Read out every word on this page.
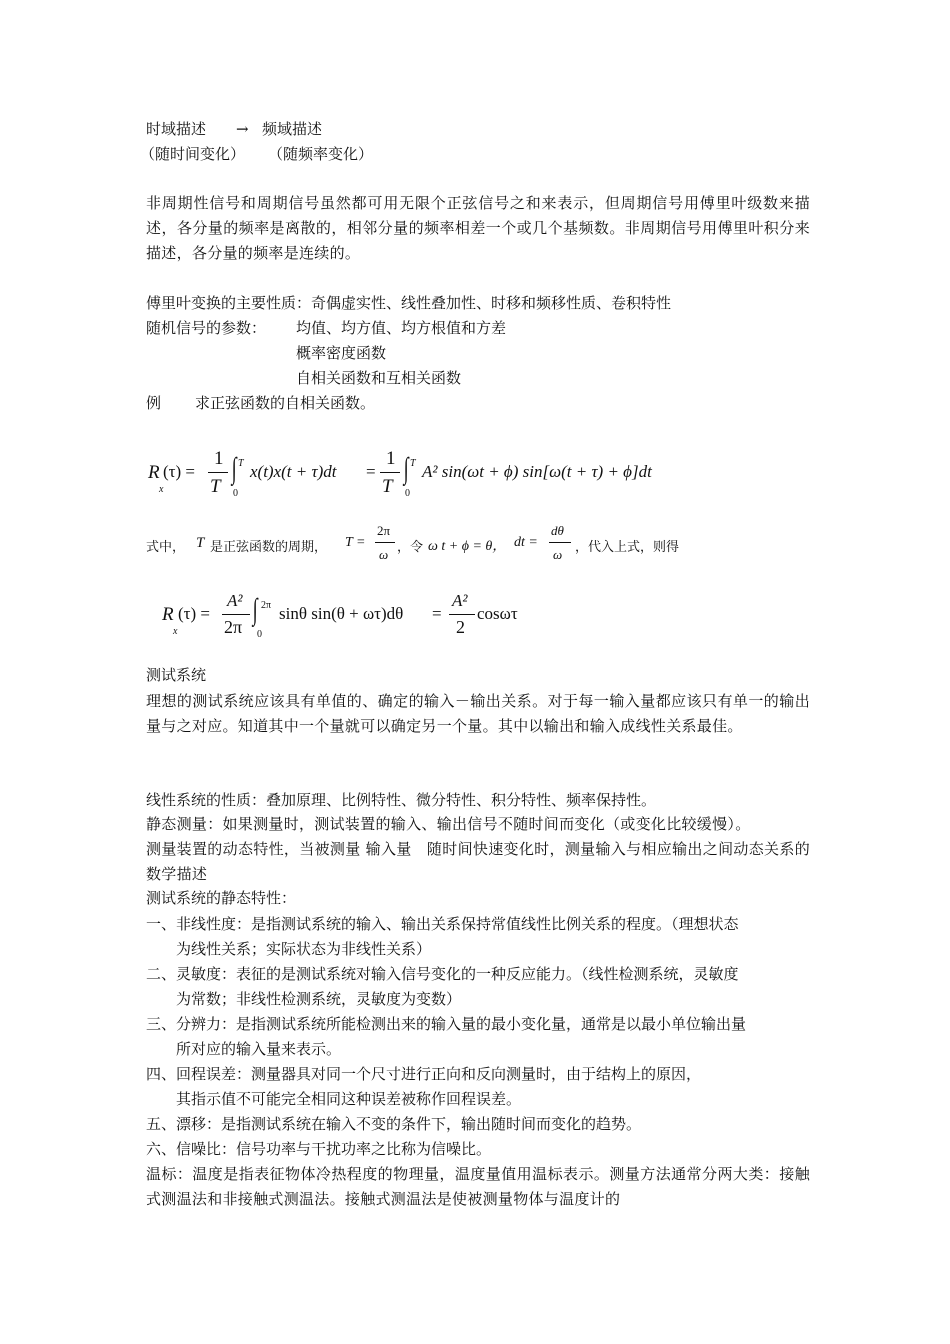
时域描述 → 频域描述
（随时间变化） （随频率变化）
非周期性信号和周期信号虽然都可用无限个正弦信号之和来表示，但周期信号用傅里叶级数来描述，各分量的频率是离散的，相邻分量的频率相差一个或几个基频数。非周期信号用傅里叶积分来描述，各分量的频率是连续的。
傅里叶变换的主要性质：奇偶虚实性、线性叠加性、时移和频移性质、卷积特性
随机信号的参数： 均值、均方值、均方根值和方差
概率密度函数
自相关函数和互相关函数
例 求正弦函数的自相关函数。
R
x
(τ) =
1
T
∫ T
0
x(t)x(t + τ)dt =
1
T
∫ T
0
A² sin(ωt + ϕ) sin[ω(t + τ) + ϕ]dt
式中， T 是正弦函数的周期， T =
2π
ω
，令 ω t + ϕ = θ， dt =
dθ
ω
，代入上式，则得
R
x
(τ) =
A²
2π
∫ 2π
0
sinθ sin(θ + ωτ)dθ =
A²
2
cosωτ
测试系统
理想的测试系统应该具有单值的、确定的输入－输出关系。对于每一输入量都应该只有单一的输出量与之对应。知道其中一个量就可以确定另一个量。其中以输出和输入成线性关系最佳。
线性系统的性质：叠加原理、比例特性、微分特性、积分特性、频率保持性。
静态测量：如果测量时，测试装置的输入、输出信号不随时间而变化（或变化比较缓慢）。
测量装置的动态特性，当被测量 输入量　随时间快速变化时，测量输入与相应输出之间动态关系的数学描述
测试系统的静态特性：
一、非线性度：是指测试系统的输入、输出关系保持常值线性比例关系的程度。（理想状态
为线性关系；实际状态为非线性关系）
二、灵敏度：表征的是测试系统对输入信号变化的一种反应能力。（线性检测系统，灵敏度
为常数；非线性检测系统，灵敏度为变数）
三、分辨力：是指测试系统所能检测出来的输入量的最小变化量，通常是以最小单位输出量
所对应的输入量来表示。
四、回程误差：测量器具对同一个尺寸进行正向和反向测量时，由于结构上的原因，
其指示值不可能完全相同这种误差被称作回程误差。
五、漂移：是指测试系统在输入不变的条件下，输出随时间而变化的趋势。
六、信噪比：信号功率与干扰功率之比称为信噪比。
温标：温度是指表征物体冷热程度的物理量，温度量值用温标表示。测量方法通常分两大类：接触式测温法和非接触式测温法。接触式测温法是使被测量物体与温度计的
